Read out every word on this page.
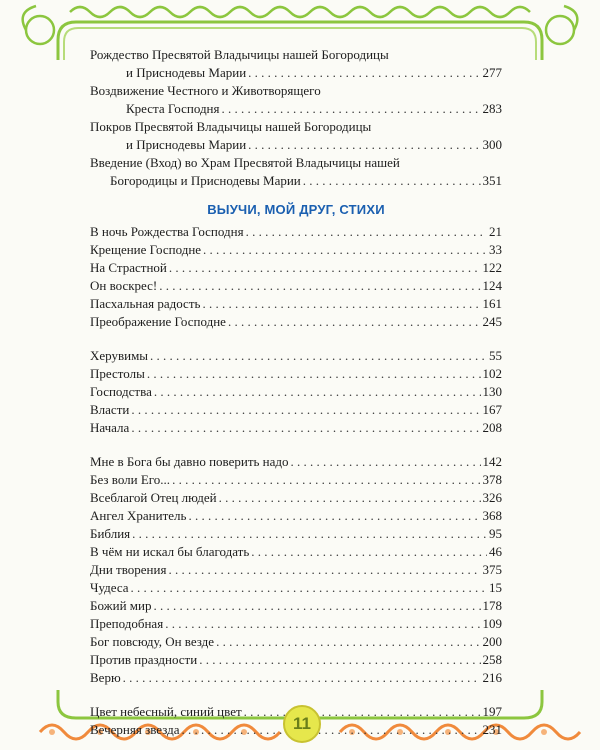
Рождество Пресвятой Владычицы нашей Богородицы
и Приснодевы Марии . . .	277
Воздвижение Честного и Животворящего
Креста Господня . . .	283
Покров Пресвятой Владычицы нашей Богородицы
и Приснодевы Марии . . .	300
Введение (Вход) во Храм Пресвятой Владычицы нашей
Богородицы и Приснодевы Марии . . .	351
ВЫУЧИ, МОЙ ДРУГ, СТИХИ
В ночь Рождества Господня . . .	21
Крещение Господне . . .	33
На Страстной . . .	122
Он воскрес! . . .	124
Пасхальная радость . . .	161
Преображение Господне . . .	245
Херувимы . . .	55
Престолы . . .	102
Господства . . .	130
Власти . . .	167
Начала . . .	208
Мне в Бога бы давно поверить надо . . .	142
Без воли Его... . . .	378
Всеблагой Отец людей . . .	326
Ангел Хранитель . . .	368
Библия . . .	95
В чём ни искал бы благодать . . .	46
Дни творения . . .	375
Чудеса . . .	15
Божий мир . . .	178
Преподобная . . .	109
Бог повсюду, Он везде . . .	200
Против праздности . . .	258
Верю . . .	216
Цвет небесный, синий цвет . . .	197
Вечерняя звезда . . .	231
11
